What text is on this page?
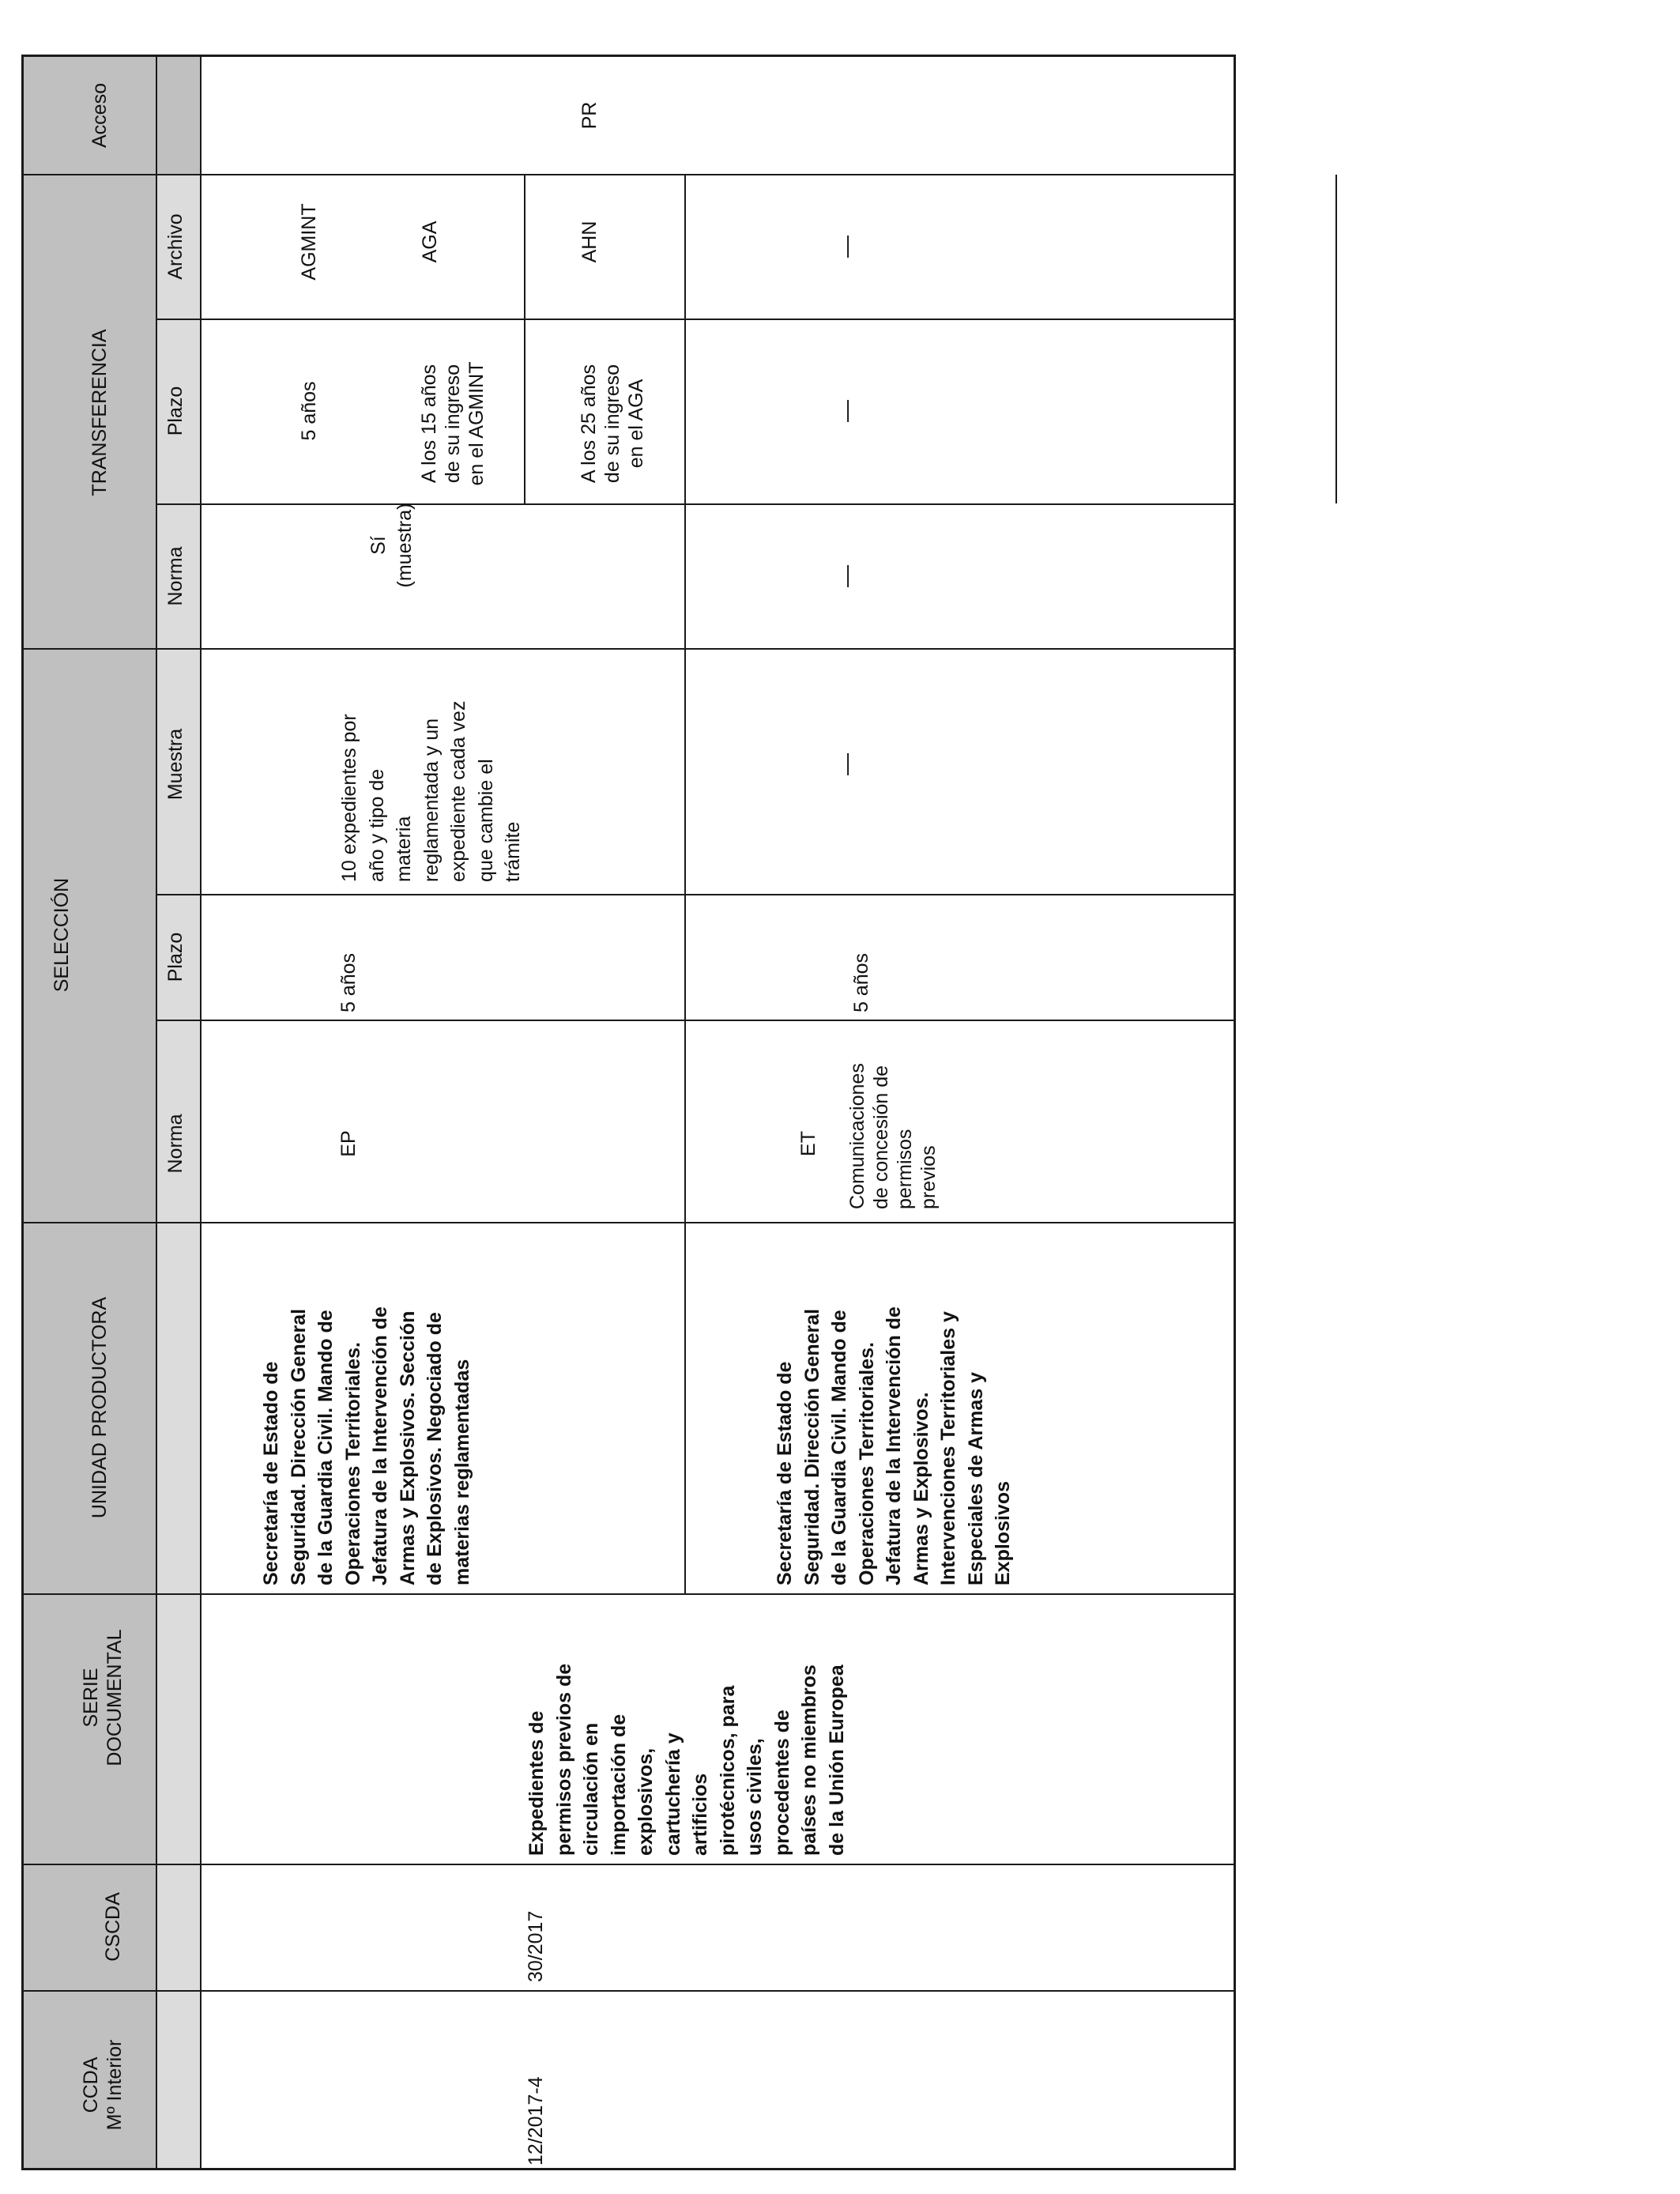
CCDA
Mº Interior
CSCDA
SERIE
DOCUMENTAL
UNIDAD PRODUCTORA
SELECCIÓN
TRANSFERENCIA
Acceso
Norma
Plazo
Muestra
Norma
Plazo
Archivo
12/2017-4
30/2017
Expedientes de
permisos previos de
circulación en
importación de
explosivos,
cartuchería y
artificios
pirotécnicos, para
usos civiles,
procedentes de
países no miembros
de la Unión Europea
PR
Secretaría de Estado de
Seguridad. Dirección General
de la Guardia Civil. Mando de
Operaciones Territoriales.
Jefatura de la Intervención de
Armas y Explosivos. Sección
de Explosivos. Negociado de
materias reglamentadas
EP
5 años
10 expedientes por
año y tipo de
materia
reglamentada y un
expediente cada vez
que cambie el
trámite
Sí
(muestra)
5 años
AGMINT
A los 15 años
de su ingreso
en el AGMINT
AGA
A los 25 años
de su ingreso
en el AGA
AHN
Secretaría de Estado de
Seguridad. Dirección General
de la Guardia Civil. Mando de
Operaciones Territoriales.
Jefatura de la Intervención de
Armas y Explosivos.
Intervenciones Territoriales y
Especiales de Armas y
Explosivos
ET Comunicaciones
de concesión de
permisos
previos
5 años
—
—
—
—
